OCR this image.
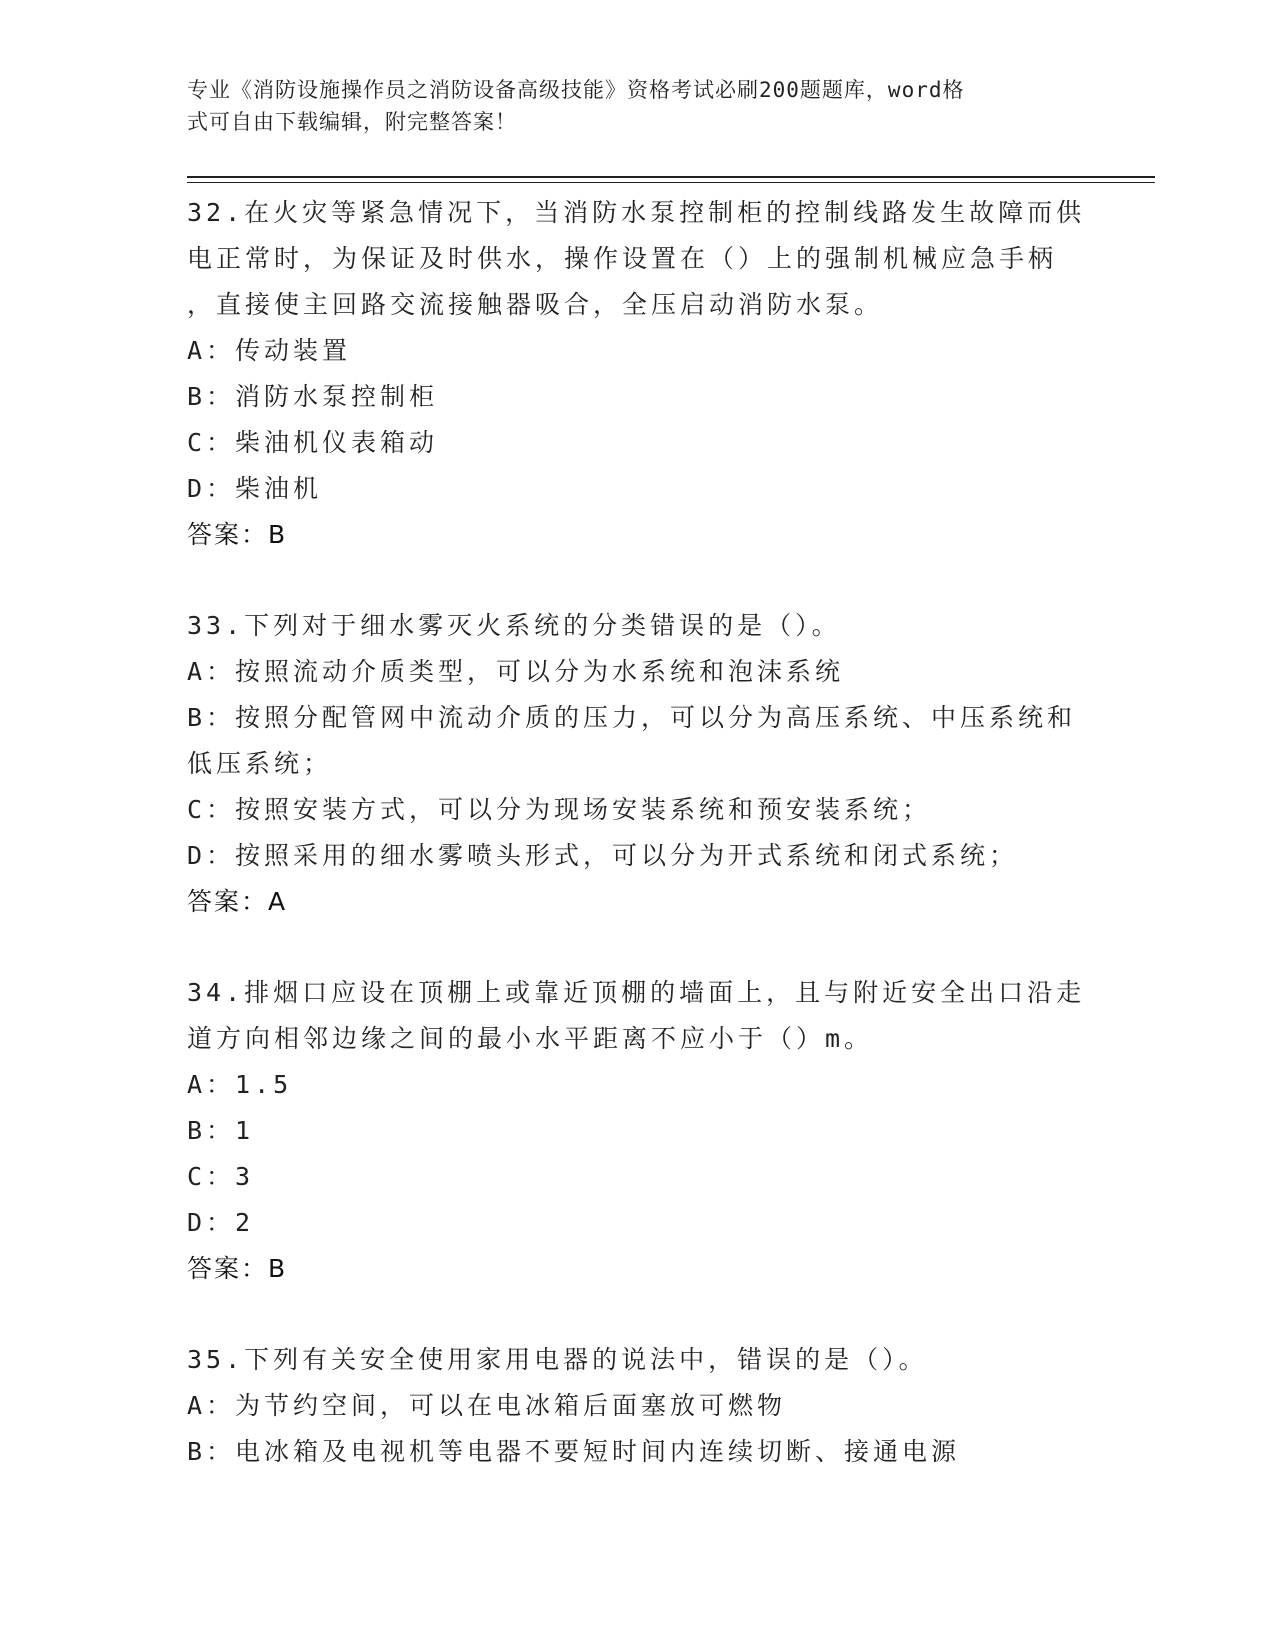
专业《消防设施操作员之消防设备高级技能》资格考试必刷200题题库，word格
式可自由下载编辑，附完整答案！
32.在火灾等紧急情况下，当消防水泵控制柜的控制线路发生故障而供
电正常时，为保证及时供水，操作设置在（）上的强制机械应急手柄
，直接使主回路交流接触器吸合，全压启动消防水泵。
A：传动装置
B：消防水泵控制柜
C：柴油机仪表箱动
D：柴油机
答案：B
33.下列对于细水雾灭火系统的分类错误的是（）。
A：按照流动介质类型，可以分为水系统和泡沫系统
B：按照分配管网中流动介质的压力，可以分为高压系统、中压系统和
低压系统；
C：按照安装方式，可以分为现场安装系统和预安装系统；
D：按照采用的细水雾喷头形式，可以分为开式系统和闭式系统；
答案：A
34.排烟口应设在顶棚上或靠近顶棚的墙面上，且与附近安全出口沿走
道方向相邻边缘之间的最小水平距离不应小于（）m。
A：1.5
B：1
C：3
D：2
答案：B
35.下列有关安全使用家用电器的说法中，错误的是（）。
A：为节约空间，可以在电冰箱后面塞放可燃物
B：电冰箱及电视机等电器不要短时间内连续切断、接通电源
